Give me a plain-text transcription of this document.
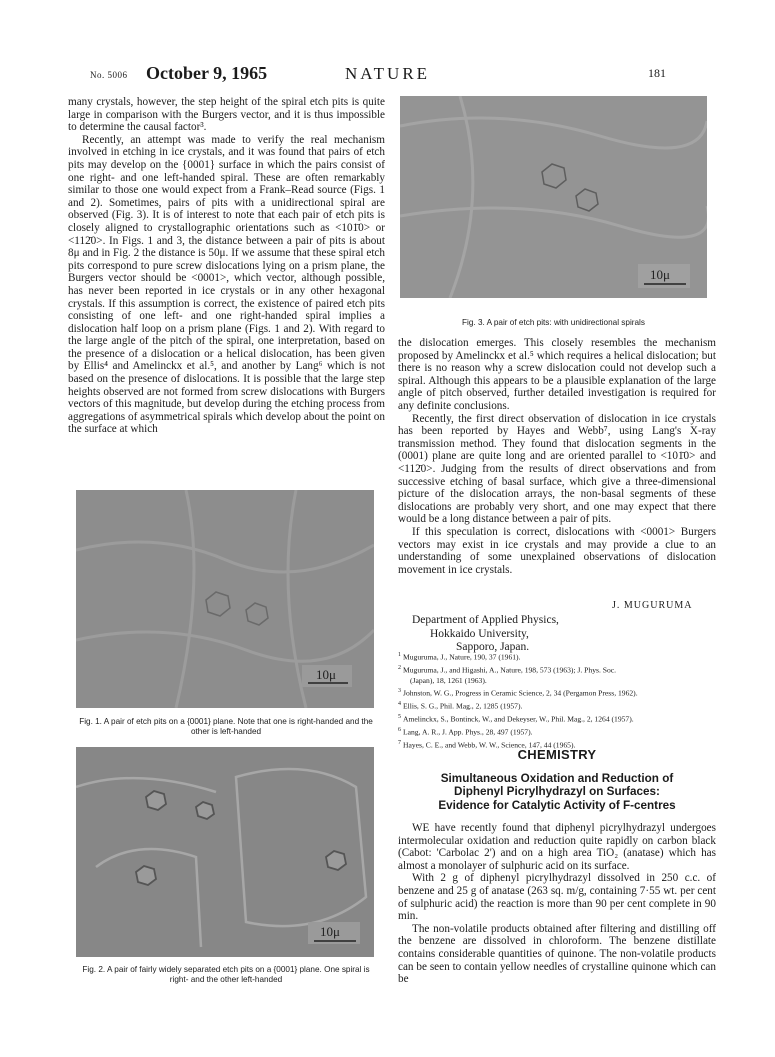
No. 5006 October 9, 1965	NATURE	181

many crystals, however, the step height of the spiral etch pits is quite large in comparison with the Burgers vector, and it is thus impossible to determine the causal factor³.

Recently, an attempt was made to verify the real mechanism involved in etching in ice crystals, and it was found that pairs of etch pits may develop on the {0001} surface in which the pairs consist of one right- and one left-handed spiral. These are often remarkably similar to those one would expect from a Frank–Read source (Figs. 1 and 2). Sometimes, pairs of pits with a unidirectional spiral are observed (Fig. 3). It is of interest to note that each pair of etch pits is closely aligned to crystallographic orientations such as <101̄0> or <112̄0>. In Figs. 1 and 3, the distance between a pair of pits is about 8μ and in Fig. 2 the distance is 50μ. If we assume that these spiral etch pits correspond to pure screw dislocations lying on a prism plane, the Burgers vector should be <0001>, which vector, although possible, has never been reported in ice crystals or in any other hexagonal crystals. If this assumption is correct, the existence of paired etch pits consisting of one left- and one right-handed spiral implies a dislocation half loop on a prism plane (Figs. 1 and 2). With regard to the large angle of the pitch of the spiral, one interpretation, based on the presence of a dislocation or a helical dislocation, has been given by Ellis⁴ and Amelinckx et al.⁵, and another by Lang⁶ which is not based on the presence of dislocations. It is possible that the large step heights observed are not formed from screw dislocations with Burgers vectors of this magnitude, but develop during the etching process from aggregations of asymmetrical spirals which develop about the point on the surface at which

10μ
Fig. 1. A pair of etch pits on a {0001} plane. Note that one is right-handed and the other is left-handed
10μ
Fig. 2. A pair of fairly widely separated etch pits on a {0001} plane. One spiral is right- and the other left-handed
10μ
Fig. 3. A pair of etch pits: with unidirectional spirals

the dislocation emerges. This closely resembles the mechanism proposed by Amelinckx et al.⁵ which requires a helical dislocation; but there is no reason why a screw dislocation could not develop such a spiral. Although this appears to be a plausible explanation of the large angle of pitch observed, further detailed investigation is required for any definite conclusions.

Recently, the first direct observation of dislocation in ice crystals has been reported by Hayes and Webb⁷, using Lang's X-ray transmission method. They found that dislocation segments in the (0001) plane are quite long and are oriented parallel to <101̄0> and <112̄0>. Judging from the results of direct observations and from successive etching of basal surface, which give a three-dimensional picture of the dislocation arrays, the non-basal segments of these dislocations are probably very short, and one may expect that there would be a long distance between a pair of pits.

If this speculation is correct, dislocations with <0001> Burgers vectors may exist in ice crystals and may provide a clue to an understanding of some unexplained observations of dislocation movement in ice crystals.

J. MUGURUMA
Department of Applied Physics,
Hokkaido University,
Sapporo, Japan.
$^1$ Muguruma, J., Nature, 190, 37 (1961).
$^2$ Muguruma, J., and Higashi, A., Nature, 198, 573 (1963); J. Phys. Soc.
(Japan), 18, 1261 (1963).
$^3$ Johnston, W. G., Progress in Ceramic Science, 2, 34 (Pergamon Press, 1962).
$^4$ Ellis, S. G., Phil. Mag., 2, 1285 (1957).
$^5$ Amelinckx, S., Bontinck, W., and Dekeyser, W., Phil. Mag., 2, 1264 (1957).
$^6$ Lang, A. R., J. App. Phys., 28, 497 (1957).
$^7$ Hayes, C. E., and Webb, W. W., Science, 147, 44 (1965).
CHEMISTRY
Simultaneous Oxidation and Reduction of
Diphenyl Picrylhydrazyl on Surfaces:
Evidence for Catalytic Activity of F-centres

WE have recently found that diphenyl picrylhydrazyl undergoes intermolecular oxidation and reduction quite rapidly on carbon black (Cabot: 'Carbolac 2') and on a high area TiO₂ (anatase) which has almost a monolayer of sulphuric acid on its surface.

With 2 g of diphenyl picrylhydrazyl dissolved in 250 c.c. of benzene and 25 g of anatase (263 sq. m/g, containing 7·55 wt. per cent of sulphuric acid) the reaction is more than 90 per cent complete in 90 min.

The non-volatile products obtained after filtering and distilling off the benzene are dissolved in chloroform. The benzene distillate contains considerable quantities of quinone. The non-volatile products can be seen to contain yellow needles of crystalline quinone which can be
